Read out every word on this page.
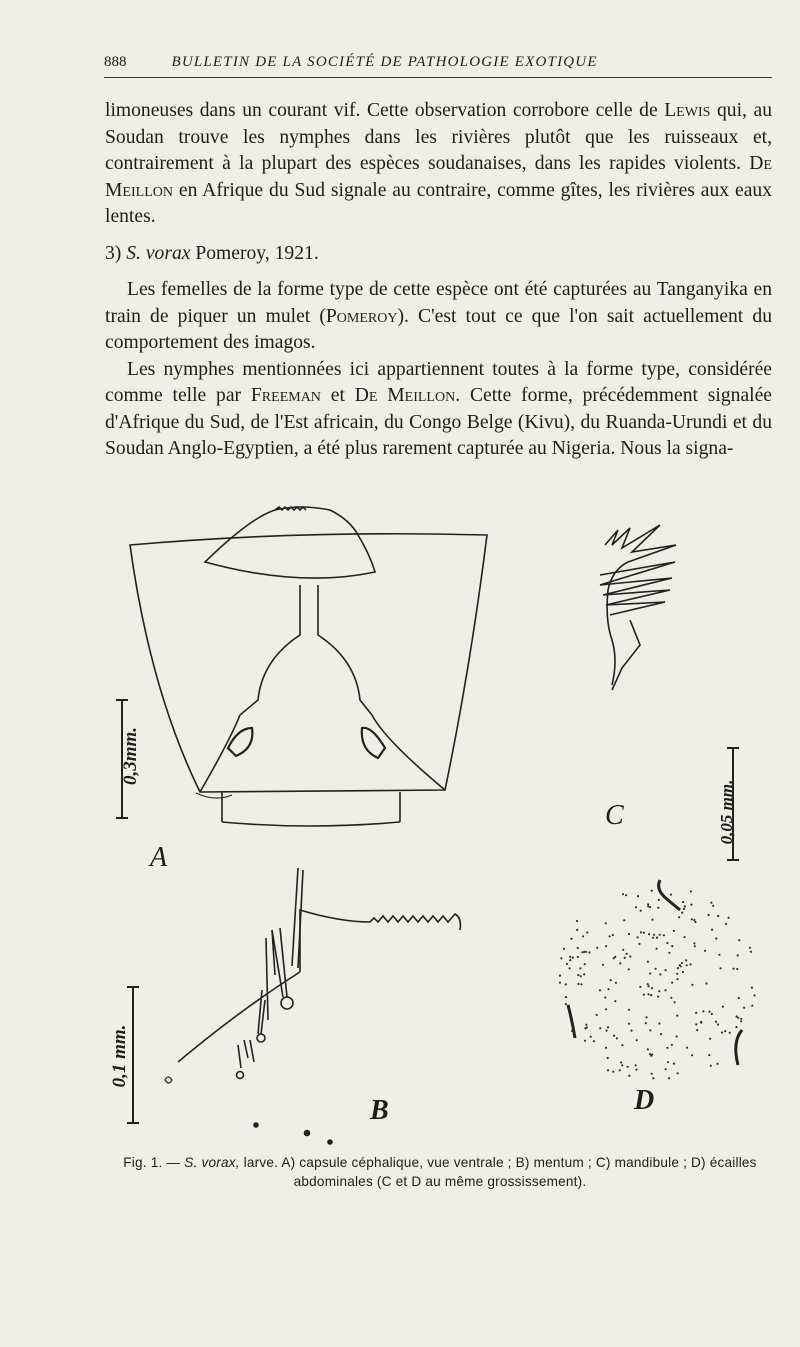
888	BULLETIN DE LA SOCIÉTÉ DE PATHOLOGIE EXOTIQUE

limoneuses dans un courant vif. Cette observation corrobore celle de Lewis qui, au Soudan trouve les nymphes dans les rivières plutôt que les ruisseaux et, contrairement à la plupart des espèces soudanaises, dans les rapides violents. De Meillon en Afrique du Sud signale au contraire, comme gîtes, les rivières aux eaux lentes.

3) S. vorax Pomeroy, 1921.

Les femelles de la forme type de cette espèce ont été capturées au Tanganyika en train de piquer un mulet (Pomeroy). C'est tout ce que l'on sait actuellement du comportement des imagos.

Les nymphes mentionnées ici appartiennent toutes à la forme type, considérée comme telle par Freeman et De Meillon. Cette forme, précédemment signalée d'Afrique du Sud, de l'Est africain, du Congo Belge (Kivu), du Ruanda-Urundi et du Soudan Anglo-Egyptien, a été plus rarement capturée au Nigeria. Nous la signa-

A
B
C
D
0,3mm.
0,1 mm.
0,05 mm.
Fig. 1. — S. vorax, larve. A) capsule céphalique, vue ventrale ; B) mentum ; C) mandibule ; D) écailles abdominales (C et D au même grossissement).
